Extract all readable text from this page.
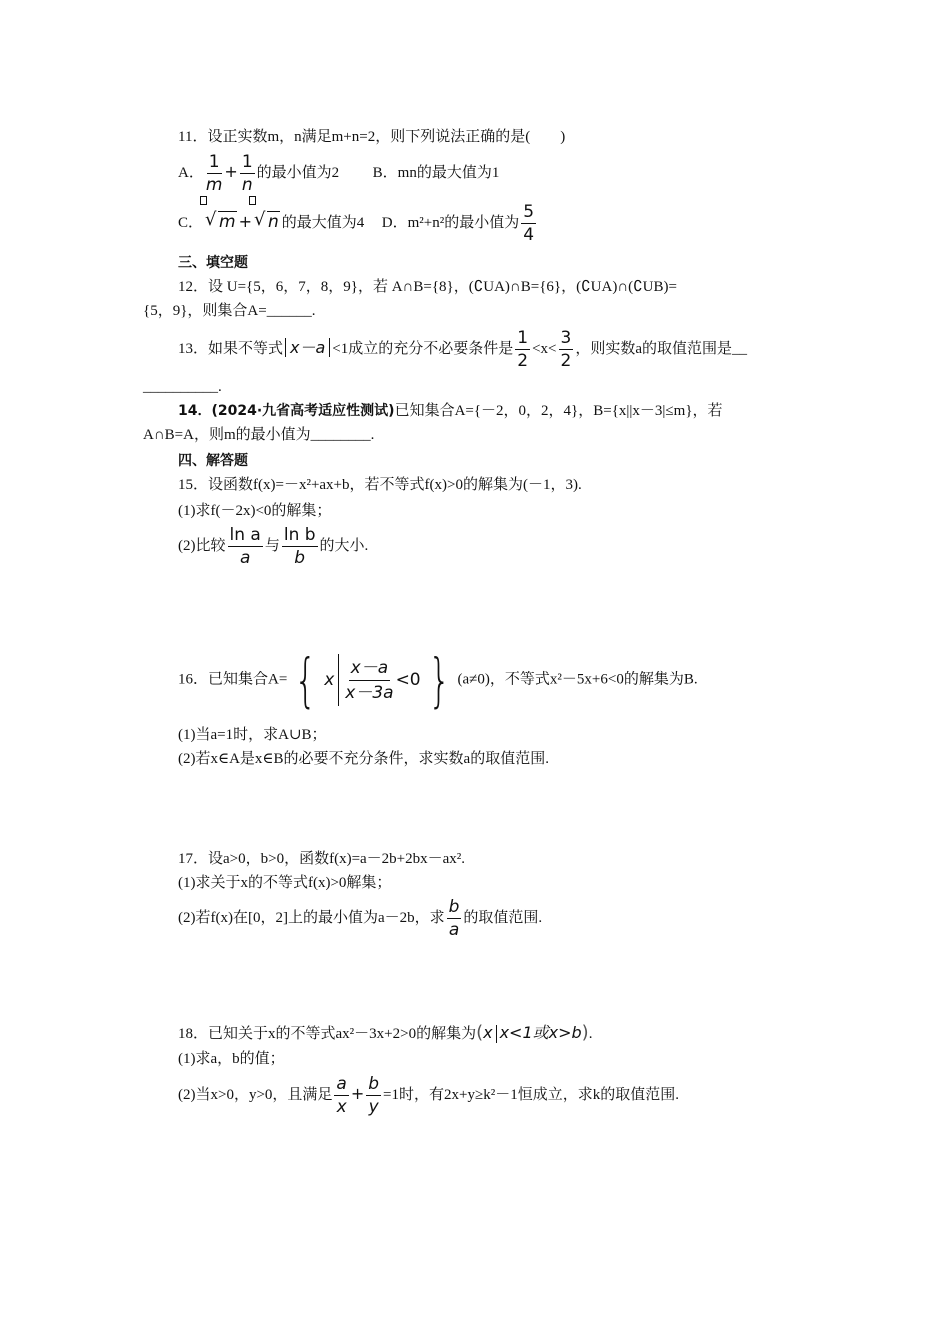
11．设正实数m，n满足m+n=2，则下列说法正确的是(　　)
A． $\frac{1}{m} + \frac{1}{n}$ 的最小值为2 B．mn的最大值为1
C． √ m + √ n 的最大值为4 D．m²+n²的最小值为 $\frac{5}{4}$
三、填空题
12．设 U={5，6，7，8，9}，若 A∩B={8}，(∁UA)∩B={6}，(∁UA)∩(∁UB)=
{5，9}，则集合A=______.
13．如果不等式 x－a <1成立的充分不必要条件是 $\frac{1}{2} <x< \frac{3}{2}$ ，则实数a的取值范围是__
__________.
14．(2024·九省高考适应性测试)已知集合A={－2，0，2，4}，B={x||x－3|≤m}，若
A∩B=A，则m的最小值为________.
四、解答题
15．设函数f(x)=－x²+ax+b，若不等式f(x)>0的解集为(－1，3).
(1)求f(－2x)<0的解集；
(2)比较 $\frac{\text{ln a}}{a}$ 与 $\frac{\text{ln b}}{b}$ 的大小.
16．已知集合A= { x $\frac{x-a}{x-3a} <0$ } (a≠0)，不等式x²－5x+6<0的解集为B.
(1)当a=1时，求A∪B；
(2)若x∈A是x∈B的必要不充分条件，求实数a的取值范围.
17．设a>0，b>0，函数f(x)=a－2b+2bx－ax².
(1)求关于x的不等式f(x)>0解集；
(2)若f(x)在[0，2]上的最小值为a－2b，求 $\frac{b}{a}$ 的取值范围.
18．已知关于x的不等式ax²－3x+2>0的解集为(x x<1或x>b).
(1)求a，b的值；
(2)当x>0，y>0，且满足 $\frac{a}{x} + \frac{b}{y} =1$时，有2x+y≥k²－1恒成立，求k的取值范围.
